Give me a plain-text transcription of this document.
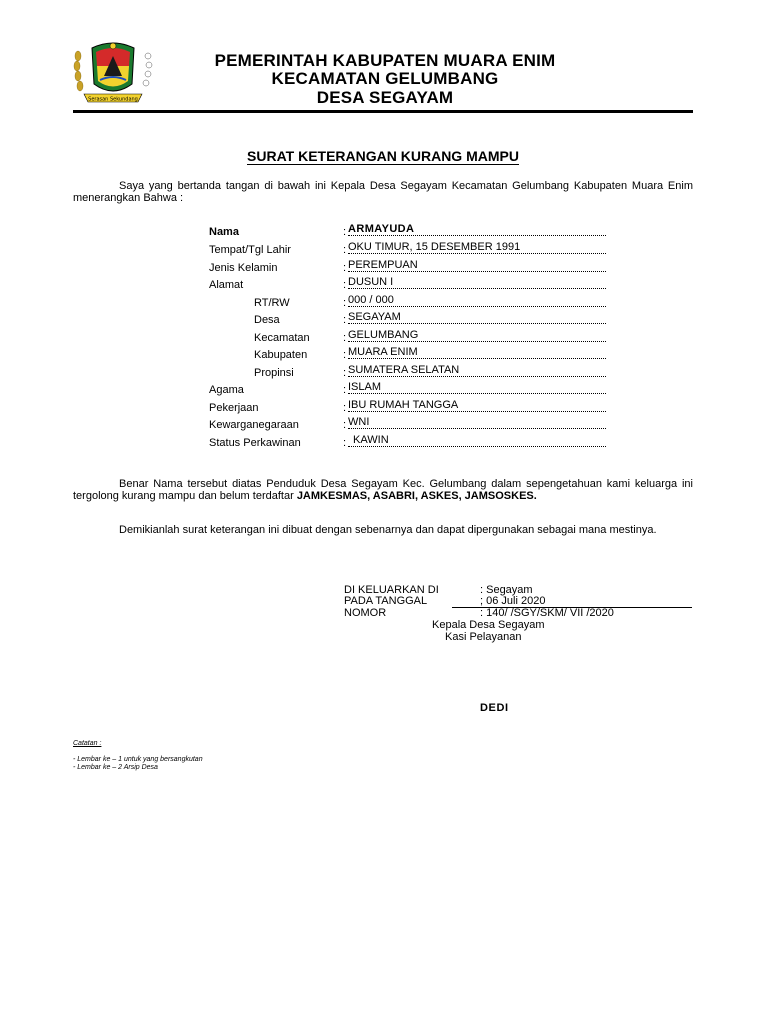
Serasan Sekundang
PEMERINTAH KABUPATEN MUARA ENIM
KECAMATAN GELUMBANG
DESA SEGAYAM
SURAT KETERANGAN KURANG MAMPU
Saya yang bertanda tangan di bawah ini Kepala Desa Segayam Kecamatan Gelumbang Kabupaten Muara Enim menerangkan Bahwa :
Nama	: ARMAYUDA
Tempat/Tgl Lahir	: OKU TIMUR, 15 DESEMBER 1991
Jenis Kelamin	: PEREMPUAN
Alamat	: DUSUN I
RT/RW	: 000 / 000
Desa	: SEGAYAM
Kecamatan	: GELUMBANG
Kabupaten	: MUARA ENIM
Propinsi	: SUMATERA SELATAN
Agama	: ISLAM
Pekerjaan	: IBU RUMAH TANGGA
Kewarganegaraan	: WNI
Status Perkawinan	: KAWIN
Benar Nama tersebut diatas Penduduk Desa Segayam Kec. Gelumbang dalam sepengetahuan kami keluarga ini tergolong kurang mampu dan belum terdaftar JAMKESMAS, ASABRI, ASKES, JAMSOSKES.
Demikianlah surat keterangan ini dibuat dengan sebenarnya dan dapat dipergunakan sebagai mana mestinya.
DI KELUARKAN DI	: Segayam
PADA TANGGAL	; 06 Juli 2020
NOMOR	: 140/ /SGY/SKM/ VII /2020
Kepala Desa Segayam
Kasi Pelayanan
DEDI
Catatan :
- Lembar ke – 1 untuk yang bersangkutan
- Lembar ke – 2 Arsip Desa
